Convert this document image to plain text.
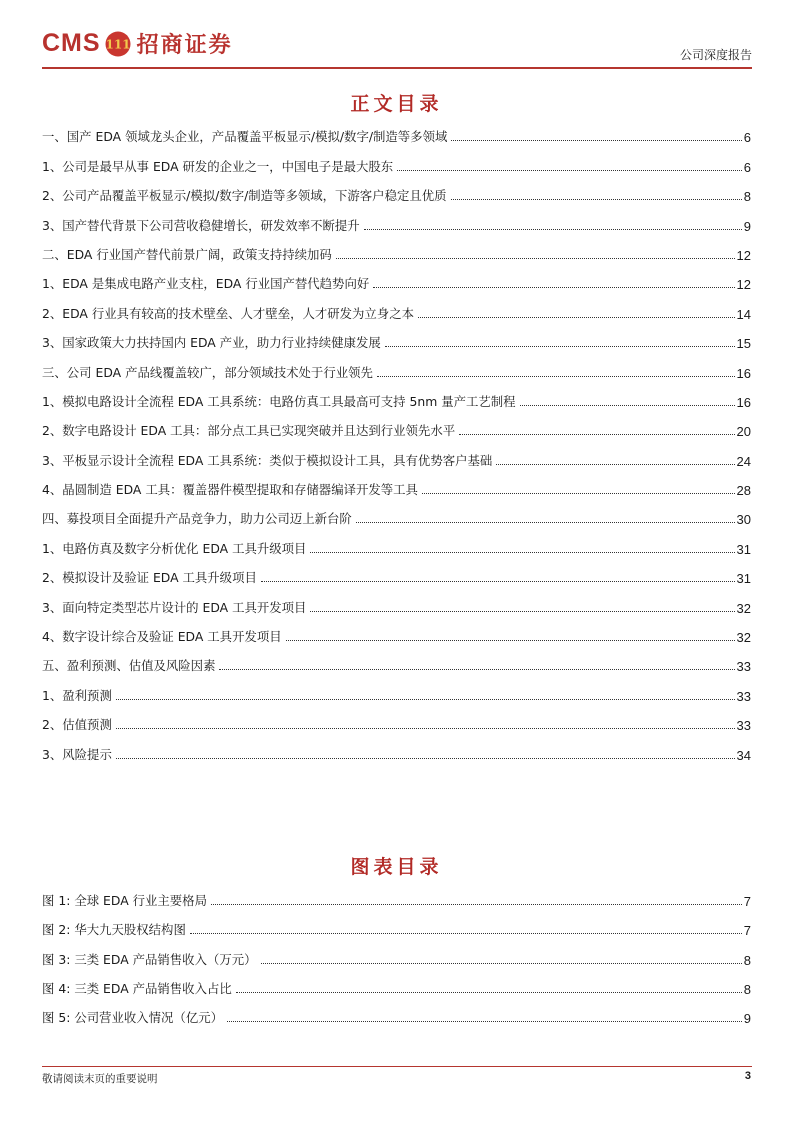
CMS 111 招商证券	公司深度报告
正文目录
一、国产 EDA 领域龙头企业，产品覆盖平板显示/模拟/数字/制造等多领域	6
1、公司是最早从事 EDA 研发的企业之一，中国电子是最大股东	6
2、公司产品覆盖平板显示/模拟/数字/制造等多领域，下游客户稳定且优质	8
3、国产替代背景下公司营收稳健增长，研发效率不断提升	9
二、EDA 行业国产替代前景广阔，政策支持持续加码	12
1、EDA 是集成电路产业支柱，EDA 行业国产替代趋势向好	12
2、EDA 行业具有较高的技术壁垒、人才壁垒，人才研发为立身之本	14
3、国家政策大力扶持国内 EDA 产业，助力行业持续健康发展	15
三、公司 EDA 产品线覆盖较广，部分领域技术处于行业领先	16
1、模拟电路设计全流程 EDA 工具系统：电路仿真工具最高可支持 5nm 量产工艺制程	16
2、数字电路设计 EDA 工具：部分点工具已实现突破并且达到行业领先水平	20
3、平板显示设计全流程 EDA 工具系统：类似于模拟设计工具，具有优势客户基础	24
4、晶圆制造 EDA 工具：覆盖器件模型提取和存储器编译开发等工具	28
四、募投项目全面提升产品竞争力，助力公司迈上新台阶	30
1、电路仿真及数字分析优化 EDA 工具升级项目	31
2、模拟设计及验证 EDA 工具升级项目	31
3、面向特定类型芯片设计的 EDA 工具开发项目	32
4、数字设计综合及验证 EDA 工具开发项目	32
五、盈利预测、估值及风险因素	33
1、盈利预测	33
2、估值预测	33
3、风险提示	34
图表目录
图 1: 全球 EDA 行业主要格局	7
图 2: 华大九天股权结构图	7
图 3: 三类 EDA 产品销售收入（万元）	8
图 4: 三类 EDA 产品销售收入占比	8
图 5: 公司营业收入情况（亿元）	9
敬请阅读末页的重要说明	3
